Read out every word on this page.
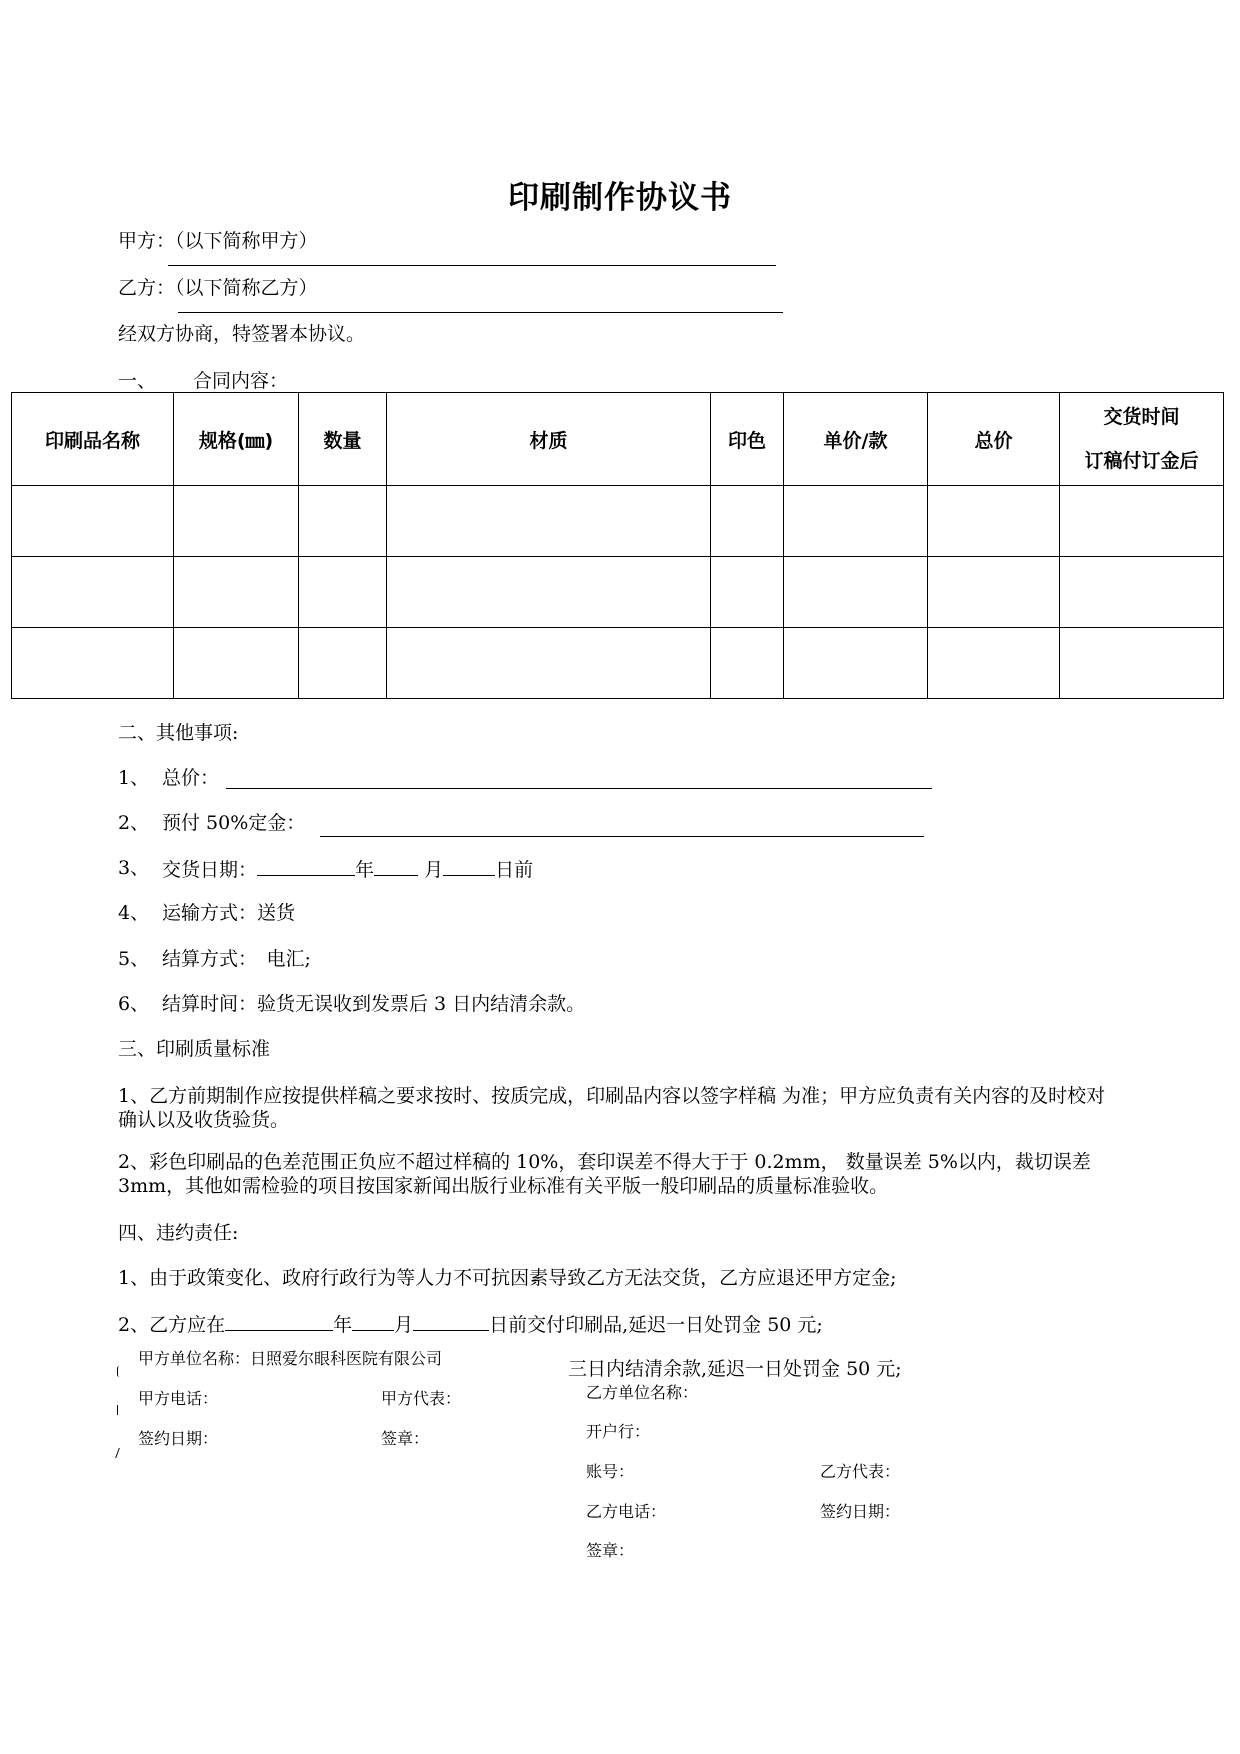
印刷制作协议书
甲方：（以下简称甲方）
乙方：（以下简称乙方）
经双方协商，特签署本协议。
一、 合同内容：
印刷品名称	规格(㎜)	数量	材质	印色	单价/款	总价	交货时间
订稿付订金后

二、其他事项:
1、 总价：
2、 预付 50%定金：
3、 交货日期：	年	月	日前
4、 运输方式：送货
5、 结算方式：　电汇;
6、 结算时间：验货无误收到发票后 3 日内结清余款。
三、印刷质量标准
1、乙方前期制作应按提供样稿之要求按时、按质完成，印刷品内容以签字样稿 为准；甲方应负责有关内容的及时校对确认以及收货验货。
2、彩色印刷品的色差范围正负应不超过样稿的 10%，套印误差不得大于于 0.2mm， 数量误差 5%以内，裁切误差 3mm，其他如需检验的项目按国家新闻出版行业标准有关平版一般印刷品的质量标准验收。
四、违约责任:
1、由于政策变化、政府行政行为等人力不可抗因素导致乙方无法交货，乙方应退还甲方定金;
2、乙方应在	年 月	日前交付印刷品,延迟一日处罚金 50 元;
三日内结清余款,延迟一日处罚金 50 元;
甲方单位名称：日照爱尔眼科医院有限公司
甲方电话：	甲方代表：
签约日期：	签章：
乙方单位名称：
开户行：
账号：	乙方代表：
乙方电话：	签约日期：
签章：
